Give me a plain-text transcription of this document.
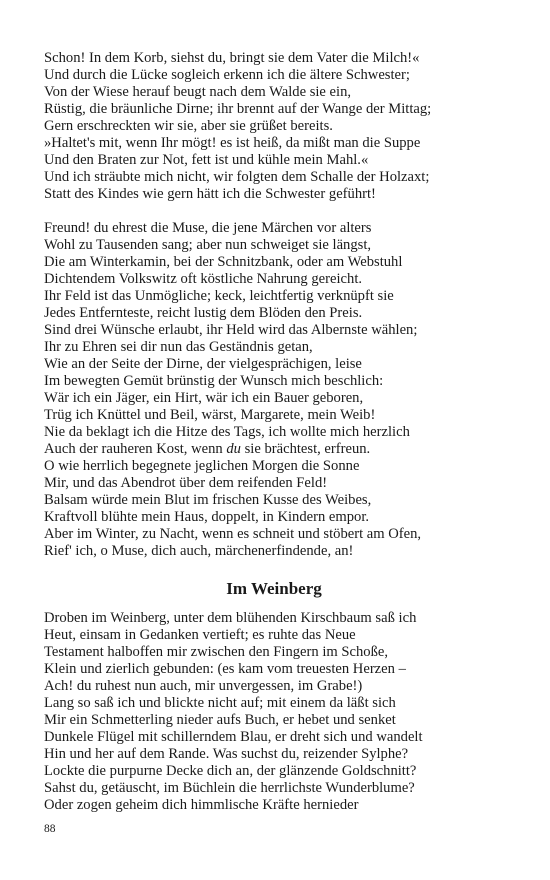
Schon! In dem Korb, siehst du, bringt sie dem Vater die Milch!«
Und durch die Lücke sogleich erkenn ich die ältere Schwester;
Von der Wiese herauf beugt nach dem Walde sie ein,
Rüstig, die bräunliche Dirne; ihr brennt auf der Wange der Mittag;
Gern erschreckten wir sie, aber sie grüßet bereits.
»Haltet's mit, wenn Ihr mögt! es ist heiß, da mißt man die Suppe
Und den Braten zur Not, fett ist und kühle mein Mahl.«
Und ich sträubte mich nicht, wir folgten dem Schalle der Holzaxt;
Statt des Kindes wie gern hätt ich die Schwester geführt!
Freund! du ehrest die Muse, die jene Märchen vor alters
Wohl zu Tausenden sang; aber nun schweiget sie längst,
Die am Winterkamin, bei der Schnitzbank, oder am Webstuhl
Dichtendem Volkswitz oft köstliche Nahrung gereicht.
Ihr Feld ist das Unmögliche; keck, leichtfertig verknüpft sie
Jedes Entfernteste, reicht lustig dem Blöden den Preis.
Sind drei Wünsche erlaubt, ihr Held wird das Albernste wählen;
Ihr zu Ehren sei dir nun das Geständnis getan,
Wie an der Seite der Dirne, der vielgesprächigen, leise
Im bewegten Gemüt brünstig der Wunsch mich beschlich:
Wär ich ein Jäger, ein Hirt, wär ich ein Bauer geboren,
Trüg ich Knüttel und Beil, wärst, Margarete, mein Weib!
Nie da beklagt ich die Hitze des Tags, ich wollte mich herzlich
Auch der rauheren Kost, wenn du sie brächtest, erfreun.
O wie herrlich begegnete jeglichen Morgen die Sonne
Mir, und das Abendrot über dem reifenden Feld!
Balsam würde mein Blut im frischen Kusse des Weibes,
Kraftvoll blühte mein Haus, doppelt, in Kindern empor.
Aber im Winter, zu Nacht, wenn es schneit und stöbert am Ofen,
Rief' ich, o Muse, dich auch, märchenerfindende, an!
Im Weinberg
Droben im Weinberg, unter dem blühenden Kirschbaum saß ich
Heut, einsam in Gedanken vertieft; es ruhte das Neue
Testament halboffen mir zwischen den Fingern im Schoße,
Klein und zierlich gebunden: (es kam vom treuesten Herzen –
Ach! du ruhest nun auch, mir unvergessen, im Grabe!)
Lang so saß ich und blickte nicht auf; mit einem da läßt sich
Mir ein Schmetterling nieder aufs Buch, er hebet und senket
Dunkele Flügel mit schillerndem Blau, er dreht sich und wandelt
Hin und her auf dem Rande. Was suchst du, reizender Sylphe?
Lockte die purpurne Decke dich an, der glänzende Goldschnitt?
Sahst du, getäuscht, im Büchlein die herrlichste Wunderblume?
Oder zogen geheim dich himmlische Kräfte hernieder
88
